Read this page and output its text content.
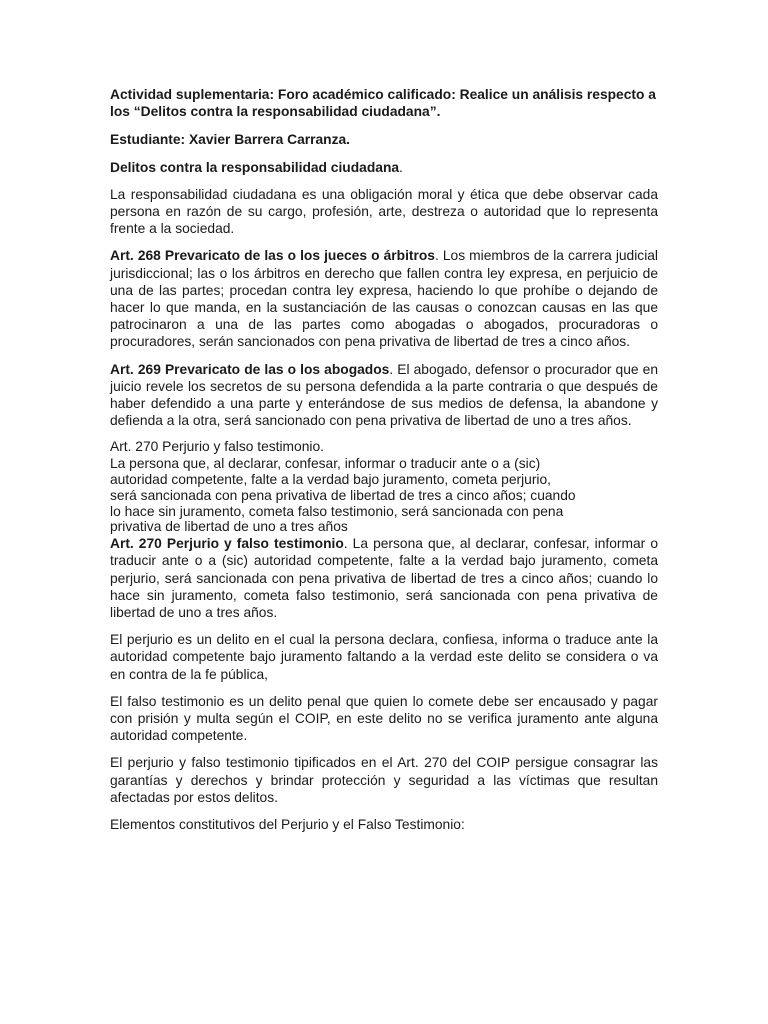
Actividad suplementaria: Foro académico calificado: Realice un análisis respecto a los “Delitos contra la responsabilidad ciudadana”.

Estudiante: Xavier Barrera Carranza.

Delitos contra la responsabilidad ciudadana.

La responsabilidad ciudadana es una obligación moral y ética que debe observar cada persona en razón de su cargo, profesión, arte, destreza o autoridad que lo representa frente a la sociedad.

Art. 268 Prevaricato de las o los jueces o árbitros. Los miembros de la carrera judicial jurisdiccional; las o los árbitros en derecho que fallen contra ley expresa, en perjuicio de una de las partes; procedan contra ley expresa, haciendo lo que prohíbe o dejando de hacer lo que manda, en la sustanciación de las causas o conozcan causas en las que patrocinaron a una de las partes como abogadas o abogados, procuradoras o procuradores, serán sancionados con pena privativa de libertad de tres a cinco años.

Art. 269 Prevaricato de las o los abogados. El abogado, defensor o procurador que en juicio revele los secretos de su persona defendida a la parte contraria o que después de haber defendido a una parte y enterándose de sus medios de defensa, la abandone y defienda a la otra, será sancionado con pena privativa de libertad de uno a tres años.

Art. 270 Perjurio y falso testimonio.

La persona que, al declarar, confesar, informar o traducir ante o a (sic)

autoridad competente, falte a la verdad bajo juramento, cometa perjurio,

será sancionada con pena privativa de libertad de tres a cinco años; cuando

lo hace sin juramento, cometa falso testimonio, será sancionada con pena

privativa de libertad de uno a tres años

Art. 270 Perjurio y falso testimonio. La persona que, al declarar, confesar, informar o traducir ante o a (sic) autoridad competente, falte a la verdad bajo juramento, cometa perjurio, será sancionada con pena privativa de libertad de tres a cinco años; cuando lo hace sin juramento, cometa falso testimonio, será sancionada con pena privativa de libertad de uno a tres años.

El perjurio es un delito en el cual la persona declara, confiesa, informa o traduce ante la autoridad competente bajo juramento faltando a la verdad este delito se considera o va en contra de la fe pública,

El falso testimonio es un delito penal que quien lo comete debe ser encausado y pagar con prisión y multa según el COIP, en este delito no se verifica juramento ante alguna autoridad competente.

El perjurio y falso testimonio tipificados en el Art. 270 del COIP persigue consagrar las garantías y derechos y brindar protección y seguridad a las víctimas que resultan afectadas por estos delitos.

Elementos constitutivos del Perjurio y el Falso Testimonio:
